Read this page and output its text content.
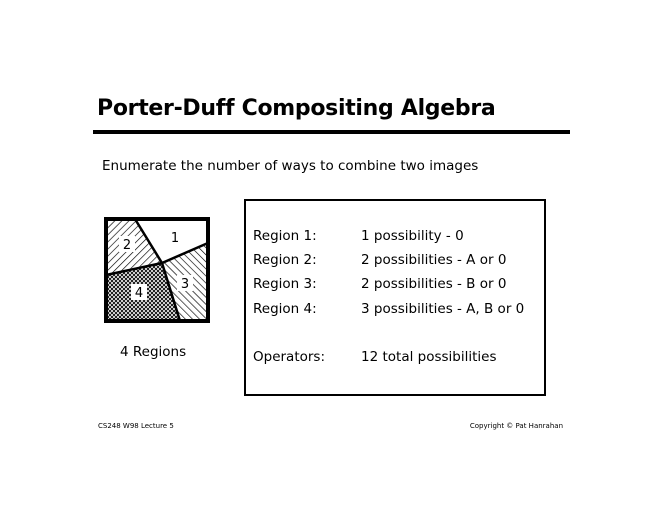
Porter-Duff Compositing Algebra
Enumerate the number of ways to combine two images
2	1
3
4
4 Regions
Region 1:	1 possibility - 0
Region 2:	2 possibilities - A or 0
Region 3:	2 possibilities - B or 0
Region 4:	3 possibilities - A, B or 0
Operators:	12 total possibilities
CS248 W98 Lecture 5	Copyright © Pat Hanrahan
